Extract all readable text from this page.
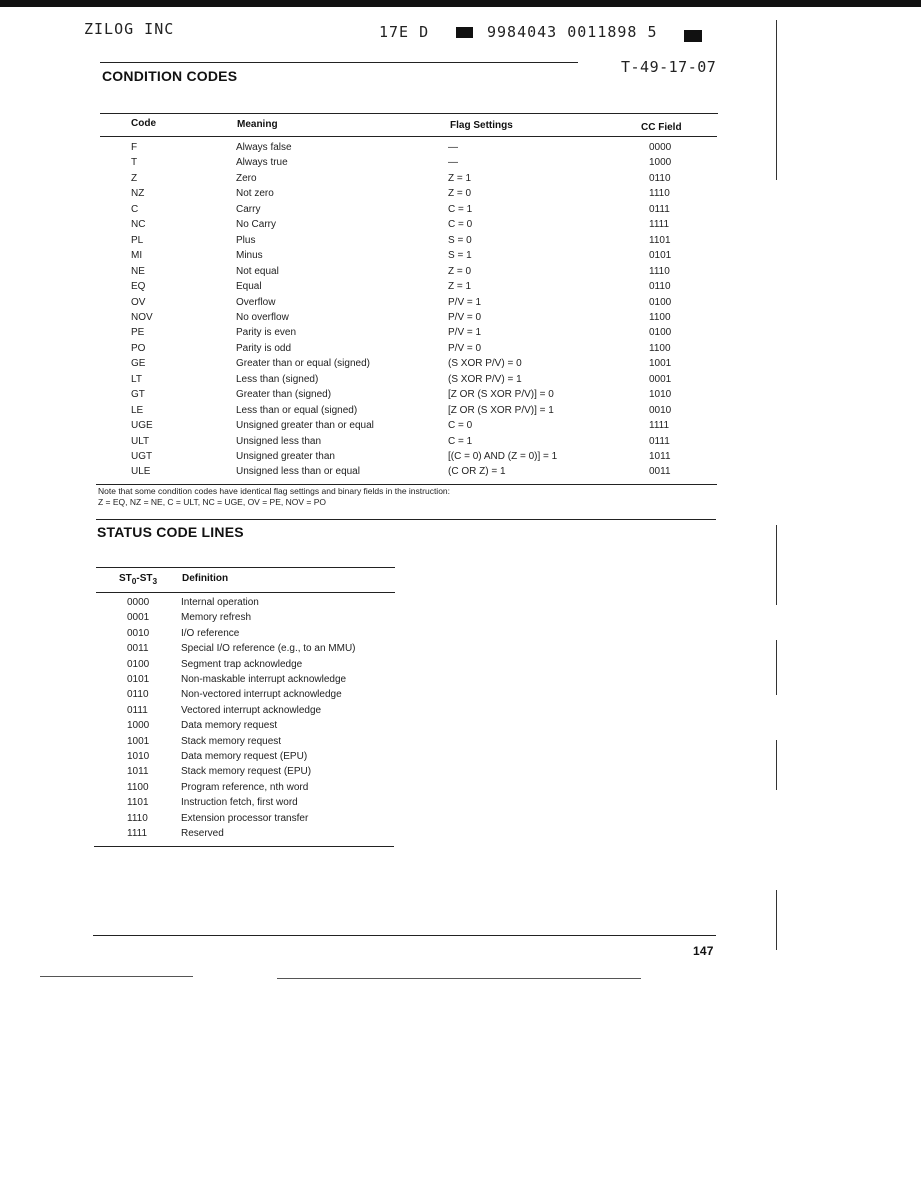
ZILOG INC	17E D	9984043 0011898 5
T-49-17-07
CONDITION CODES
Code	Meaning	Flag Settings	CC Field
F	Always false	—	0000
T	Always true	—	1000
Z	Zero	Z = 1	0110
NZ	Not zero	Z = 0	1110
C	Carry	C = 1	0111
NC	No Carry	C = 0	1111
PL	Plus	S = 0	1101
MI	Minus	S = 1	0101
NE	Not equal	Z = 0	1110
EQ	Equal	Z = 1	0110
OV	Overflow	P/V = 1	0100
NOV	No overflow	P/V = 0	1100
PE	Parity is even	P/V = 1	0100
PO	Parity is odd	P/V = 0	1100
GE	Greater than or equal (signed)	(S XOR P/V) = 0	1001
LT	Less than (signed)	(S XOR P/V) = 1	0001
GT	Greater than (signed)	[Z OR (S XOR P/V)] = 0	1010
LE	Less than or equal (signed)	[Z OR (S XOR P/V)] = 1	0010
UGE	Unsigned greater than or equal	C = 0	1111
ULT	Unsigned less than	C = 1	0111
UGT	Unsigned greater than	[(C = 0) AND (Z = 0)] = 1	1011
ULE	Unsigned less than or equal	(C OR Z) = 1	0011
Note that some condition codes have identical flag settings and binary fields in the instruction:
Z = EQ, NZ = NE, C = ULT, NC = UGE, OV = PE, NOV = PO
STATUS CODE LINES
$ST_0-ST_3$ Definition
0000	Internal operation
0001	Memory refresh
0010	I/O reference
0011	Special I/O reference (e.g., to an MMU)
0100	Segment trap acknowledge
0101	Non-maskable interrupt acknowledge
0110	Non-vectored interrupt acknowledge
0111	Vectored interrupt acknowledge
1000	Data memory request
1001	Stack memory request
1010	Data memory request (EPU)
1011	Stack memory request (EPU)
1100	Program reference, nth word
1101	Instruction fetch, first word
1110	Extension processor transfer
1111	Reserved
147
